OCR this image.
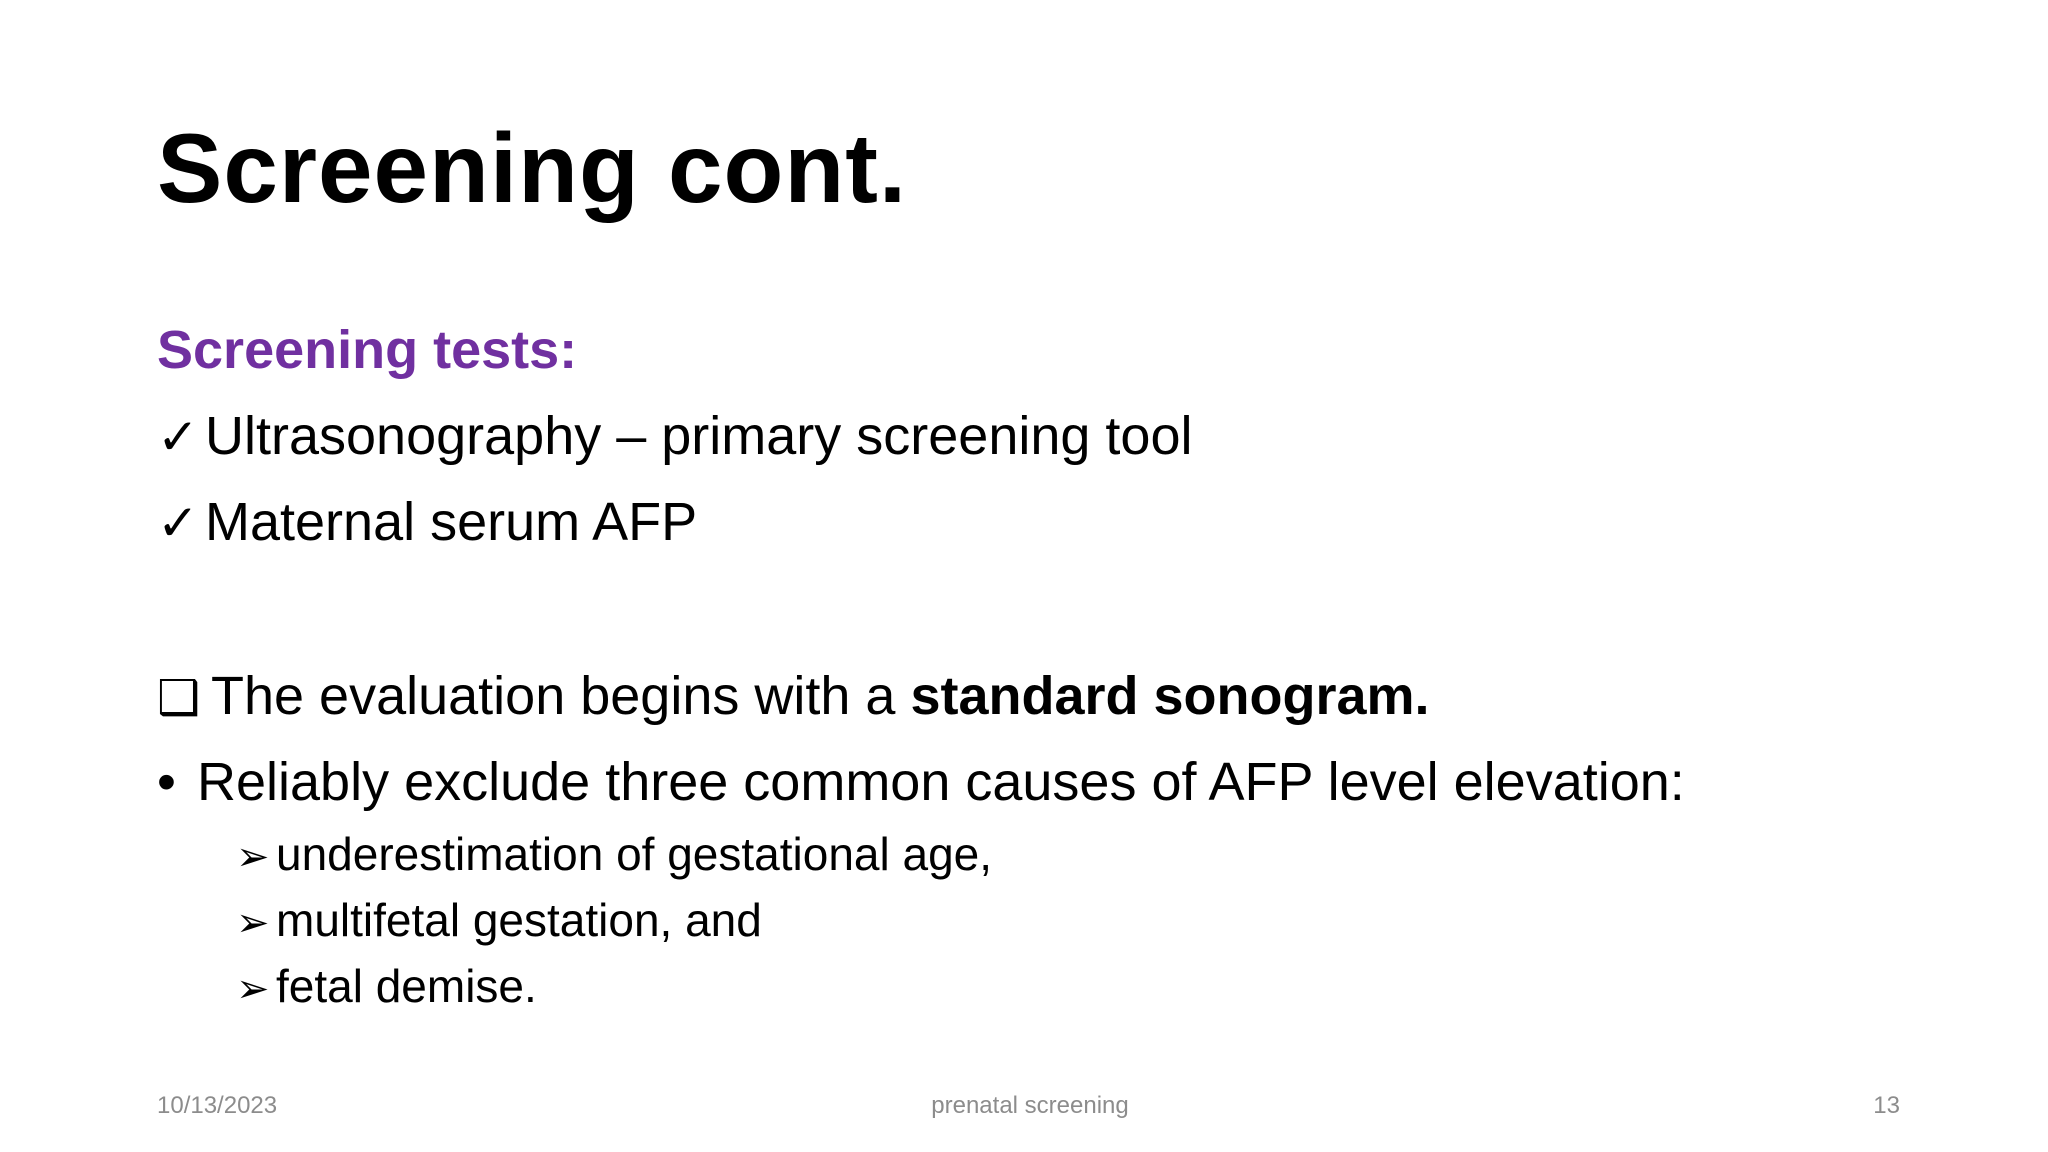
Screening cont.
Screening tests:
✓ Ultrasonography – primary screening tool
✓ Maternal serum AFP
❑ The evaluation begins with a standard sonogram.
• Reliably exclude three common causes of AFP level elevation:
➢ underestimation of gestational age,
➢ multifetal gestation, and
➢ fetal demise.
10/13/2023	prenatal screening	13
